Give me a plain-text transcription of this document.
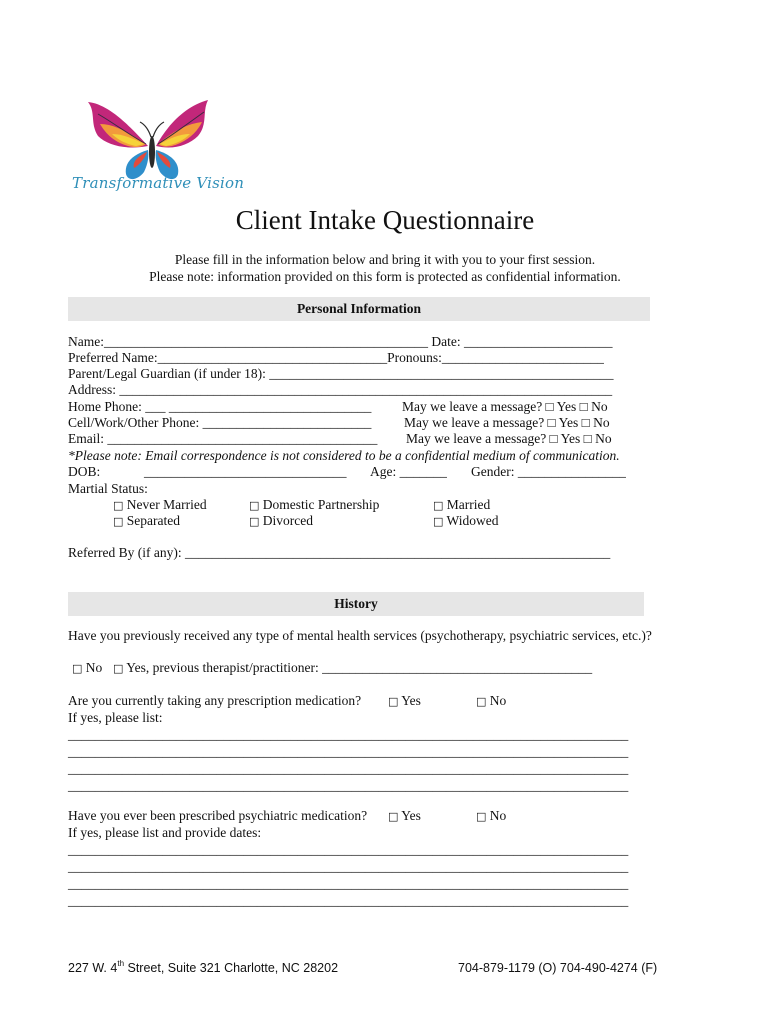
Transformative Vision
Client Intake Questionnaire
Please fill in the information below and bring it with you to your first session.
Please note: information provided on this form is protected as confidential information.
Personal Information
Name:________________________________________________ Date: ______________________
Preferred Name:__________________________________Pronouns:________________________
Parent/Legal Guardian (if under 18): ___________________________________________________
Address: _________________________________________________________________________
Home Phone: ___ ______________________________ May we leave a message? □ Yes □ No
Cell/Work/Other Phone: _________________________ May we leave a message? □ Yes □ No
Email: ________________________________________ May we leave a message? □ Yes □ No
*Please note: Email correspondence is not considered to be a confidential medium of communication.
DOB:	______________________________ Age: _______ Gender: ________________
Martial Status:
□ Never Married	□ Domestic Partnership	□ Married
□ Separated	□ Divorced	□ Widowed
Referred By (if any): _______________________________________________________________
History
Have you previously received any type of mental health services (psychotherapy, psychiatric services, etc.)?
□ No □ Yes, previous therapist/practitioner: ________________________________________
Are you currently taking any prescription medication? □ Yes	□ No
If yes, please list:
___________________________________________________________________________________
___________________________________________________________________________________
___________________________________________________________________________________
___________________________________________________________________________________
Have you ever been prescribed psychiatric medication? □ Yes	□ No
If yes, please list and provide dates:
___________________________________________________________________________________
___________________________________________________________________________________
___________________________________________________________________________________
___________________________________________________________________________________
227 W. 4th Street, Suite 321 Charlotte, NC 28202	704-879-1179 (O) 704-490-4274 (F)
